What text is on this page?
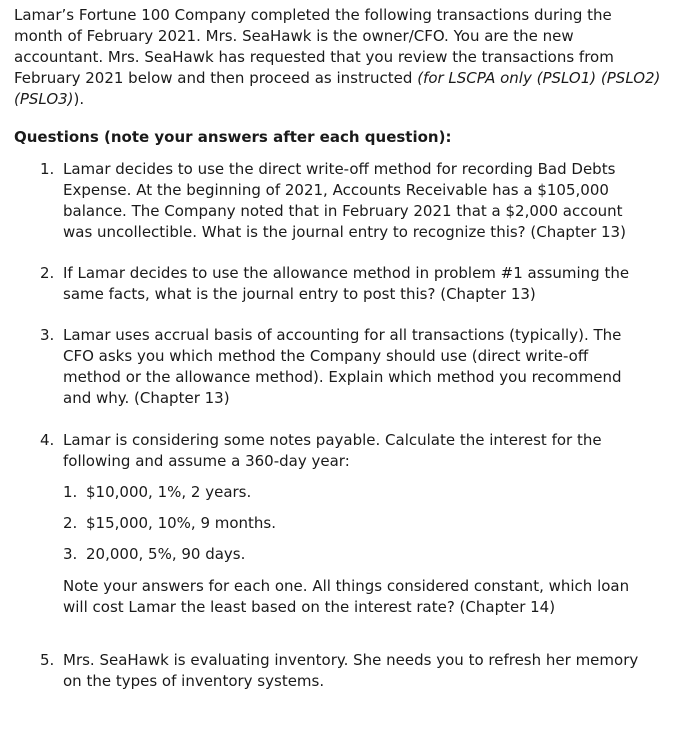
Lamar’s Fortune 100 Company completed the following transactions during the month of February 2021. Mrs. SeaHawk is the owner/CFO. You are the new accountant. Mrs. SeaHawk has requested that you review the transactions from February 2021 below and then proceed as instructed (for LSCPA only (PSLO1) (PSLO2) (PSLO3)).

Questions (note your answers after each question):

1. Lamar decides to use the direct write-off method for recording Bad Debts Expense. At the beginning of 2021, Accounts Receivable has a $105,000 balance. The Company noted that in February 2021 that a $2,000 account was uncollectible. What is the journal entry to recognize this? (Chapter 13)
2. If Lamar decides to use the allowance method in problem #1 assuming the same facts, what is the journal entry to post this? (Chapter 13)
3. Lamar uses accrual basis of accounting for all transactions (typically). The CFO asks you which method the Company should use (direct write-off method or the allowance method). Explain which method you recommend and why. (Chapter 13)
4. Lamar is considering some notes payable. Calculate the interest for the following and assume a 360-day year:
1. $10,000, 1%, 2 years.
2. $15,000, 10%, 9 months.
3. 20,000, 5%, 90 days.
Note your answers for each one. All things considered constant, which loan will cost Lamar the least based on the interest rate? (Chapter 14)
5. Mrs. SeaHawk is evaluating inventory. She needs you to refresh her memory on the types of inventory systems.
